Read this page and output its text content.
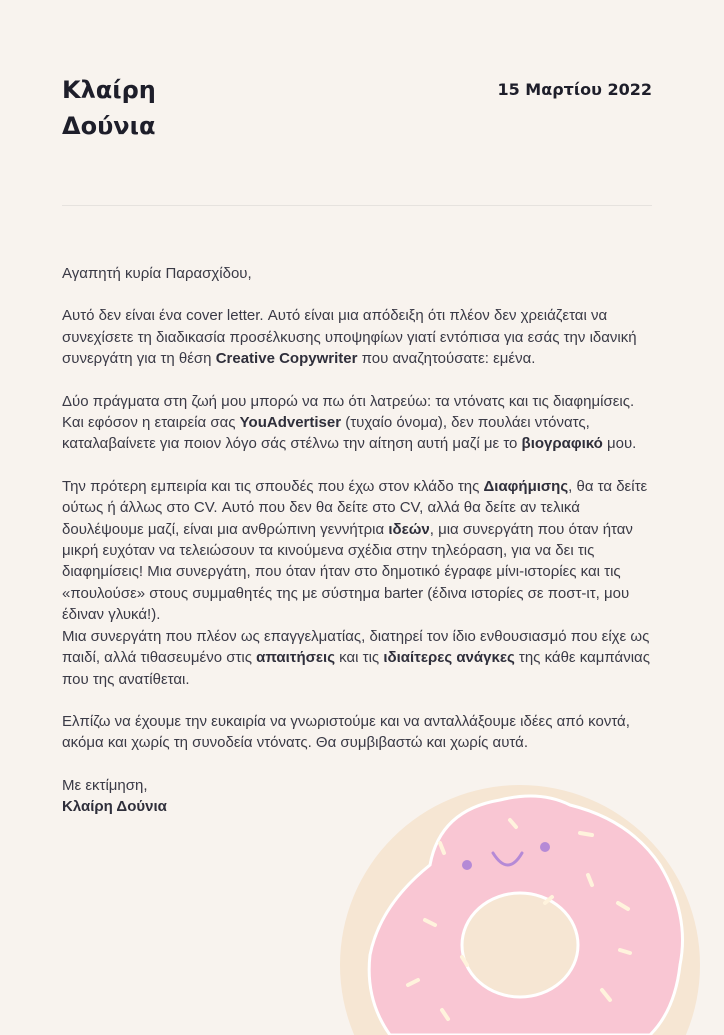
Κλαίρη
Δούνια
15 Μαρτίου 2022

Αγαπητή κυρία Παρασχίδου,

Αυτό δεν είναι ένα cover letter. Αυτό είναι μια απόδειξη ότι πλέον δεν χρειάζεται να συνεχίσετε τη διαδικασία προσέλκυσης υποψηφίων γιατί εντόπισα για εσάς την ιδανική συνεργάτη για τη θέση Creative Copywriter που αναζητούσατε: εμένα.

Δύο πράγματα στη ζωή μου μπορώ να πω ότι λατρεύω: τα ντόνατς και τις διαφημίσεις. Και εφόσον η εταιρεία σας YouAdvertiser (τυχαίο όνομα), δεν πουλάει ντόνατς, καταλαβαίνετε για ποιον λόγο σάς στέλνω την αίτηση αυτή μαζί με το βιογραφικό μου.

Την πρότερη εμπειρία και τις σπουδές που έχω στον κλάδο της Διαφήμισης, θα τα δείτε ούτως ή άλλως στο CV. Αυτό που δεν θα δείτε στο CV, αλλά θα δείτε αν τελικά δουλέψουμε μαζί, είναι μια ανθρώπινη γεννήτρια ιδεών, μια συνεργάτη που όταν ήταν μικρή ευχόταν να τελειώσουν τα κινούμενα σχέδια στην τηλεόραση, για να δει τις διαφημίσεις! Μια συνεργάτη, που όταν ήταν στο δημοτικό έγραφε μίνι-ιστορίες και τις «πουλούσε» στους συμμαθητές της με σύστημα barter (έδινα ιστορίες σε ποστ-ιτ, μου έδιναν γλυκά!).

Μια συνεργάτη που πλέον ως επαγγελματίας, διατηρεί τον ίδιο ενθουσιασμό που είχε ως παιδί, αλλά τιθασευμένο στις απαιτήσεις και τις ιδιαίτερες ανάγκες της κάθε καμπάνιας που της ανατίθεται.

Ελπίζω να έχουμε την ευκαιρία να γνωριστούμε και να ανταλλάξουμε ιδέες από κοντά, ακόμα και χωρίς τη συνοδεία ντόνατς. Θα συμβιβαστώ και χωρίς αυτά.

Με εκτίμηση,

Κλαίρη Δούνια
